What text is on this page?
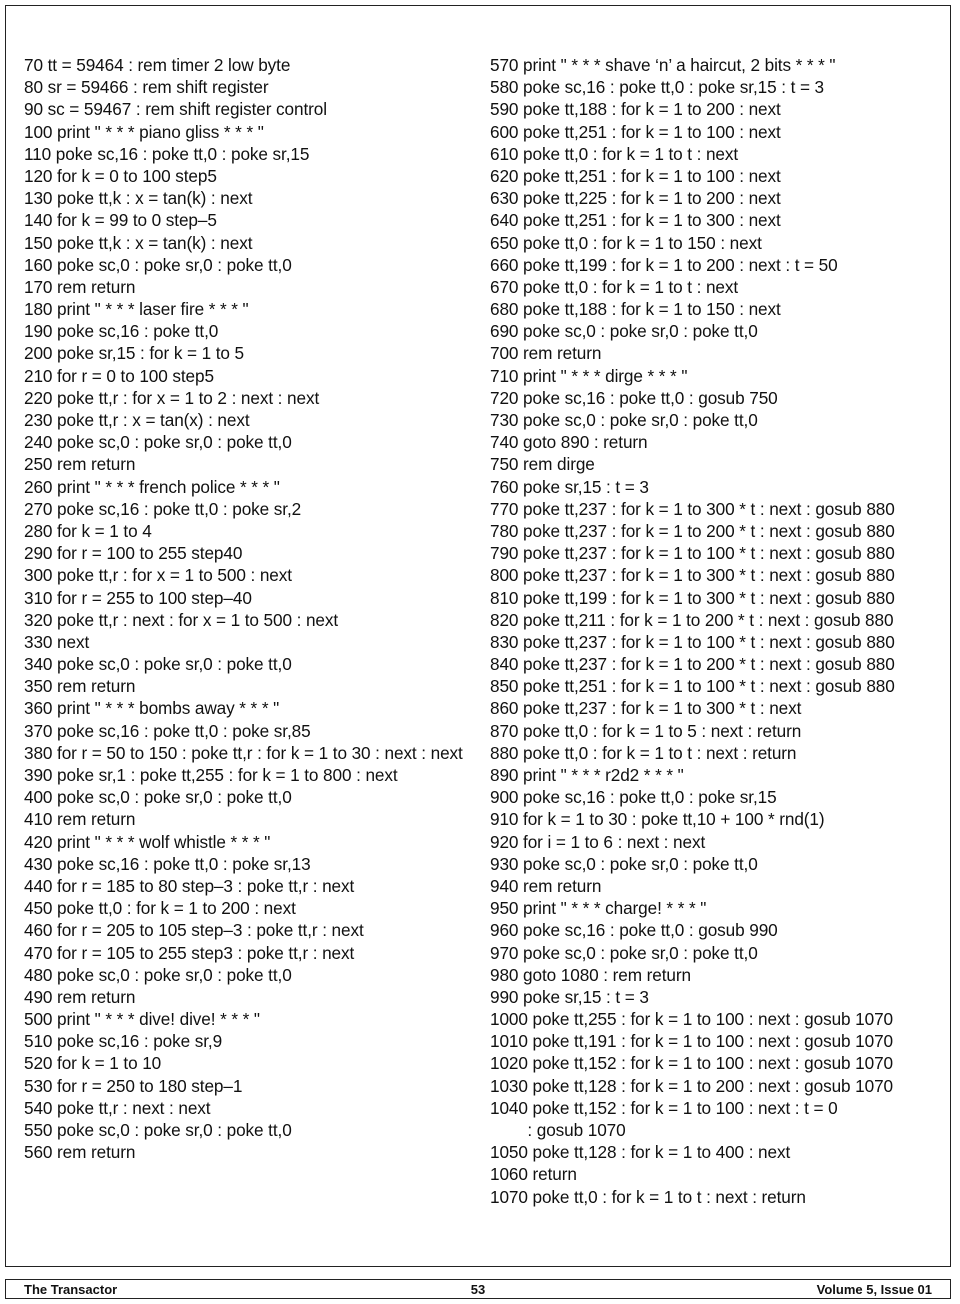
70 tt = 59464 : rem timer 2 low byte
80 sr = 59466 : rem shift register
90 sc = 59467 : rem shift register control
100 print " * * * piano gliss * * * "
110 poke sc,16 : poke tt,0 : poke sr,15
120 for k = 0 to 100 step5
130 poke tt,k : x = tan(k) : next
140 for k = 99 to 0 step–5
150 poke tt,k : x = tan(k) : next
160 poke sc,0 : poke sr,0 : poke tt,0
170 rem return
180 print " * * * laser fire * * * "
190 poke sc,16 : poke tt,0
200 poke sr,15 : for k = 1 to 5
210 for r = 0 to 100 step5
220 poke tt,r : for x = 1 to 2 : next : next
230 poke tt,r : x = tan(x) : next
240 poke sc,0 : poke sr,0 : poke tt,0
250 rem return
260 print " * * * french police * * * "
270 poke sc,16 : poke tt,0 : poke sr,2
280 for k = 1 to 4
290 for r = 100 to 255 step40
300 poke tt,r : for x = 1 to 500 : next
310 for r = 255 to 100 step–40
320 poke tt,r : next : for x = 1 to 500 : next
330 next
340 poke sc,0 : poke sr,0 : poke tt,0
350 rem return
360 print " * * * bombs away * * * "
370 poke sc,16 : poke tt,0 : poke sr,85
380 for r = 50 to 150 : poke tt,r : for k = 1 to 30 : next : next
390 poke sr,1 : poke tt,255 : for k = 1 to 800 : next
400 poke sc,0 : poke sr,0 : poke tt,0
410 rem return
420 print " * * * wolf whistle * * * "
430 poke sc,16 : poke tt,0 : poke sr,13
440 for r = 185 to 80 step–3 : poke tt,r : next
450 poke tt,0 : for k = 1 to 200 : next
460 for r = 205 to 105 step–3 : poke tt,r : next
470 for r = 105 to 255 step3 : poke tt,r : next
480 poke sc,0 : poke sr,0 : poke tt,0
490 rem return
500 print " * * * dive! dive! * * * "
510 poke sc,16 : poke sr,9
520 for k = 1 to 10
530 for r = 250 to 180 step–1
540 poke tt,r : next : next
550 poke sc,0 : poke sr,0 : poke tt,0
560 rem return
570 print " * * * shave ‘n’ a haircut, 2 bits * * * "
580 poke sc,16 : poke tt,0 : poke sr,15 : t = 3
590 poke tt,188 : for k = 1 to 200 : next
600 poke tt,251 : for k = 1 to 100 : next
610 poke tt,0 : for k = 1 to t : next
620 poke tt,251 : for k = 1 to 100 : next
630 poke tt,225 : for k = 1 to 200 : next
640 poke tt,251 : for k = 1 to 300 : next
650 poke tt,0 : for k = 1 to 150 : next
660 poke tt,199 : for k = 1 to 200 : next : t = 50
670 poke tt,0 : for k = 1 to t : next
680 poke tt,188 : for k = 1 to 150 : next
690 poke sc,0 : poke sr,0 : poke tt,0
700 rem return
710 print " * * * dirge * * * "
720 poke sc,16 : poke tt,0 : gosub 750
730 poke sc,0 : poke sr,0 : poke tt,0
740 goto 890 : return
750 rem dirge
760 poke sr,15 : t = 3
770 poke tt,237 : for k = 1 to 300 * t : next : gosub 880
780 poke tt,237 : for k = 1 to 200 * t : next : gosub 880
790 poke tt,237 : for k = 1 to 100 * t : next : gosub 880
800 poke tt,237 : for k = 1 to 300 * t : next : gosub 880
810 poke tt,199 : for k = 1 to 300 * t : next : gosub 880
820 poke tt,211 : for k = 1 to 200 * t : next : gosub 880
830 poke tt,237 : for k = 1 to 100 * t : next : gosub 880
840 poke tt,237 : for k = 1 to 200 * t : next : gosub 880
850 poke tt,251 : for k = 1 to 100 * t : next : gosub 880
860 poke tt,237 : for k = 1 to 300 * t : next
870 poke tt,0 : for k = 1 to 5 : next : return
880 poke tt,0 : for k = 1 to t : next : return
890 print " * * * r2d2 * * * "
900 poke sc,16 : poke tt,0 : poke sr,15
910 for k = 1 to 30 : poke tt,10 + 100 * rnd(1)
920 for i = 1 to 6 : next : next
930 poke sc,0 : poke sr,0 : poke tt,0
940 rem return
950 print " * * * charge! * * * "
960 poke sc,16 : poke tt,0 : gosub 990
970 poke sc,0 : poke sr,0 : poke tt,0
980 goto 1080 : rem return
990 poke sr,15 : t = 3
1000 poke tt,255 : for k = 1 to 100 : next : gosub 1070
1010 poke tt,191 : for k = 1 to 100 : next : gosub 1070
1020 poke tt,152 : for k = 1 to 100 : next : gosub 1070
1030 poke tt,128 : for k = 1 to 200 : next : gosub 1070
1040 poke tt,152 : for k = 1 to 100 : next : t = 0
: gosub 1070
1050 poke tt,128 : for k = 1 to 400 : next
1060 return
1070 poke tt,0 : for k = 1 to t : next : return
The Transactor	53	Volume 5, Issue 01
